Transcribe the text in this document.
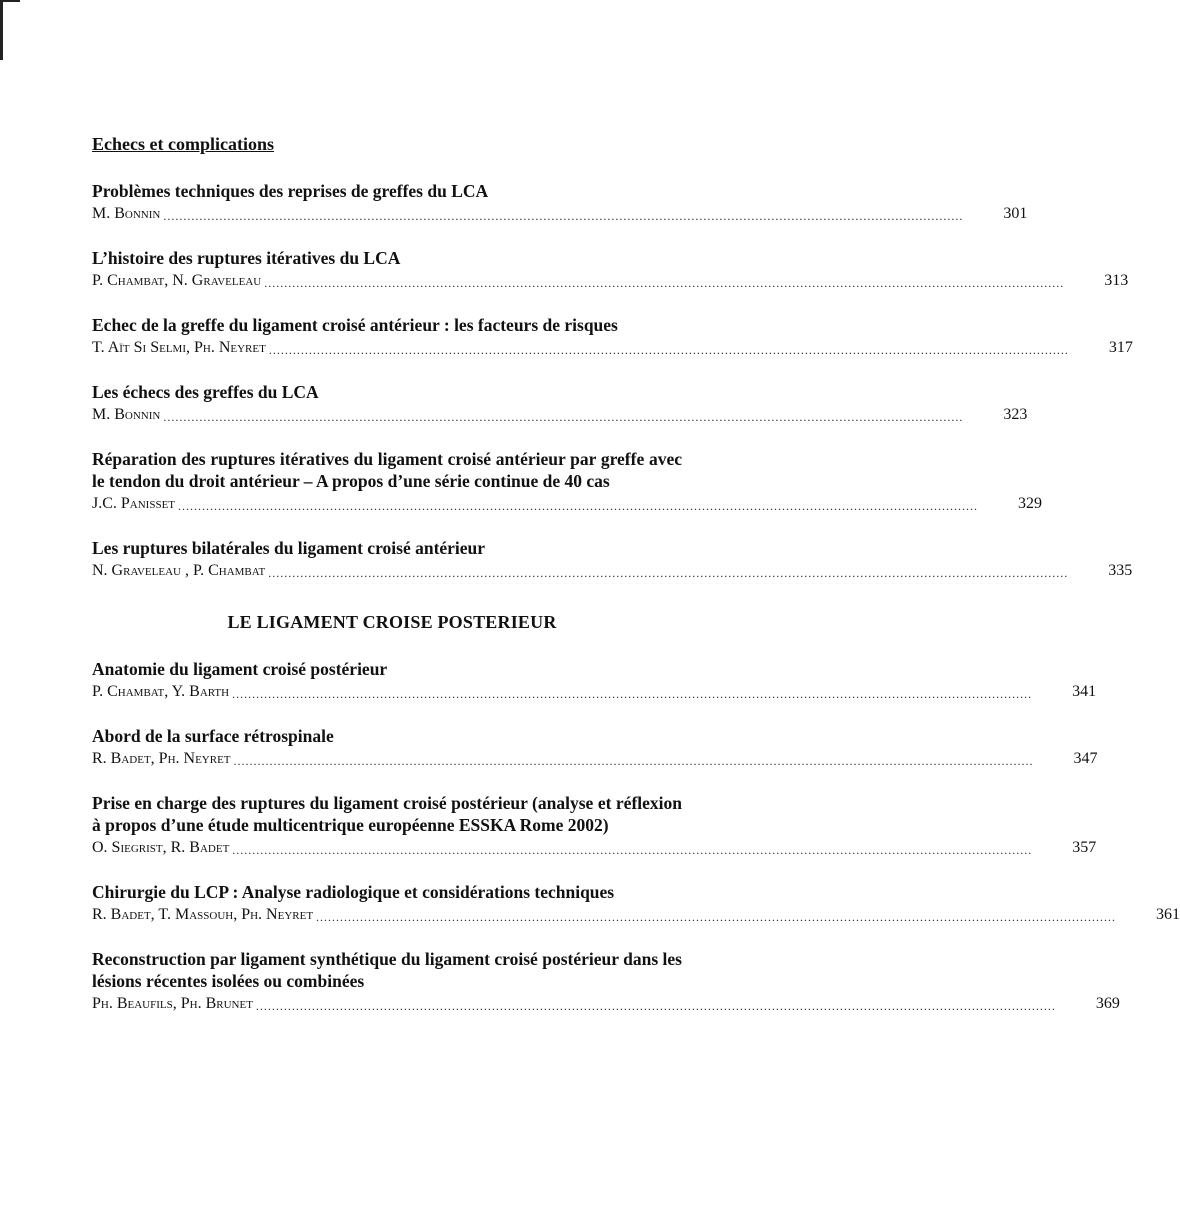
Echecs et complications
Problèmes techniques des reprises de greffes du LCA
M. Bonnin ........................................................................................................................................................................................................	301
L’histoire des ruptures itératives du LCA
P. Chambat, N. Graveleau ........................................................................................................................................................................................................	313
Echec de la greffe du ligament croisé antérieur : les facteurs de risques
T. Aït Si Selmi, Ph. Neyret ........................................................................................................................................................................................................	317
Les échecs des greffes du LCA
M. Bonnin ........................................................................................................................................................................................................	323
Réparation des ruptures itératives du ligament croisé antérieur par greffe avec le tendon du droit antérieur – A propos d’une série continue de 40 cas
J.C. Panisset ........................................................................................................................................................................................................	329
Les ruptures bilatérales du ligament croisé antérieur
N. Graveleau , P. Chambat ........................................................................................................................................................................................................	335
LE LIGAMENT CROISE POSTERIEUR
Anatomie du ligament croisé postérieur
P. Chambat, Y. Barth ........................................................................................................................................................................................................	341
Abord de la surface rétrospinale
R. Badet, Ph. Neyret ........................................................................................................................................................................................................	347
Prise en charge des ruptures du ligament croisé postérieur (analyse et réflexion à propos d’une étude multicentrique européenne ESSKA Rome 2002)
O. Siegrist, R. Badet ........................................................................................................................................................................................................	357
Chirurgie du LCP : Analyse radiologique et considérations techniques
R. Badet, T. Massouh, Ph. Neyret ........................................................................................................................................................................................................	361
Reconstruction par ligament synthétique du ligament croisé postérieur dans les lésions récentes isolées ou combinées
Ph. Beaufils, Ph. Brunet ........................................................................................................................................................................................................	369
